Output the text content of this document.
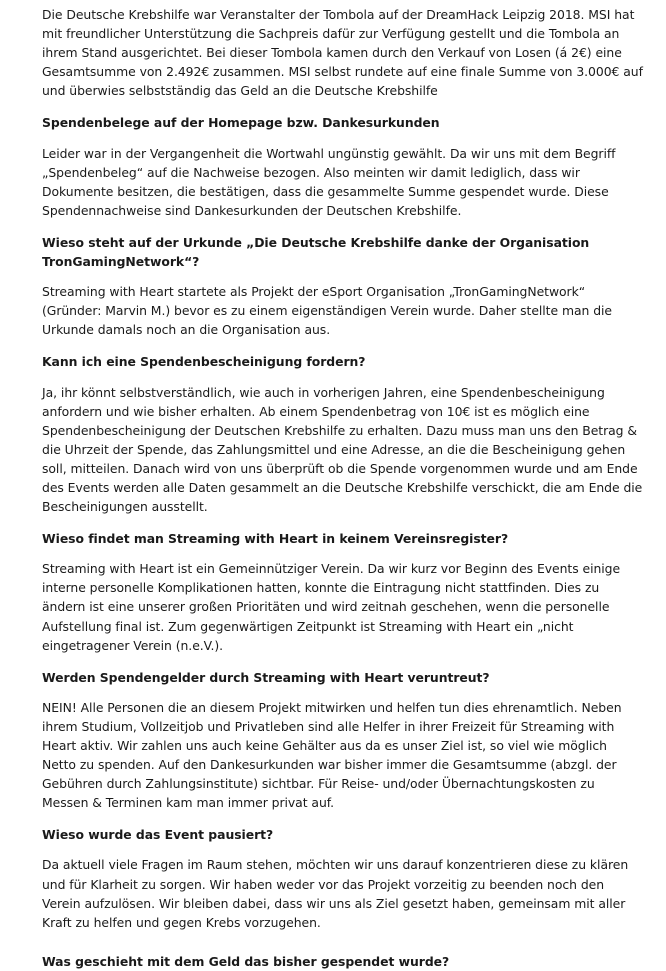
Die Deutsche Krebshilfe war Veranstalter der Tombola auf der DreamHack Leipzig 2018. MSI hat mit freundlicher Unterstützung die Sachpreis dafür zur Verfügung gestellt und die Tombola an ihrem Stand ausgerichtet. Bei dieser Tombola kamen durch den Verkauf von Losen (á 2€) eine Gesamtsumme von 2.492€ zusammen. MSI selbst rundete auf eine finale Summe von 3.000€ auf und überwies selbstständig das Geld an die Deutsche Krebshilfe

Spendenbelege auf der Homepage bzw. Dankesurkunden

Leider war in der Vergangenheit die Wortwahl ungünstig gewählt. Da wir uns mit dem Begriff „Spendenbeleg“ auf die Nachweise bezogen. Also meinten wir damit lediglich, dass wir Dokumente besitzen, die bestätigen, dass die gesammelte Summe gespendet wurde. Diese Spendennachweise sind Dankesurkunden der Deutschen Krebshilfe.

Wieso steht auf der Urkunde „Die Deutsche Krebshilfe danke der Organisation TronGamingNetwork“?

Streaming with Heart startete als Projekt der eSport Organisation „TronGamingNetwork“ (Gründer: Marvin M.) bevor es zu einem eigenständigen Verein wurde. Daher stellte man die Urkunde damals noch an die Organisation aus.

Kann ich eine Spendenbescheinigung fordern?

Ja, ihr könnt selbstverständlich, wie auch in vorherigen Jahren, eine Spendenbescheinigung anfordern und wie bisher erhalten. Ab einem Spendenbetrag von 10€ ist es möglich eine Spendenbescheinigung der Deutschen Krebshilfe zu erhalten. Dazu muss man uns den Betrag & die Uhrzeit der Spende, das Zahlungsmittel und eine Adresse, an die die Bescheinigung gehen soll, mitteilen. Danach wird von uns überprüft ob die Spende vorgenommen wurde und am Ende des Events werden alle Daten gesammelt an die Deutsche Krebshilfe verschickt, die am Ende die Bescheinigungen ausstellt.

Wieso findet man Streaming with Heart in keinem Vereinsregister?

Streaming with Heart ist ein Gemeinnütziger Verein. Da wir kurz vor Beginn des Events einige interne personelle Komplikationen hatten, konnte die Eintragung nicht stattfinden. Dies zu ändern ist eine unserer großen Prioritäten und wird zeitnah geschehen, wenn die personelle Aufstellung final ist. Zum gegenwärtigen Zeitpunkt ist Streaming with Heart ein „nicht eingetragener Verein (n.e.V.).

Werden Spendengelder durch Streaming with Heart veruntreut?

NEIN! Alle Personen die an diesem Projekt mitwirken und helfen tun dies ehrenamtlich. Neben ihrem Studium, Vollzeitjob und Privatleben sind alle Helfer in ihrer Freizeit für Streaming with Heart aktiv. Wir zahlen uns auch keine Gehälter aus da es unser Ziel ist, so viel wie möglich Netto zu spenden. Auf den Dankesurkunden war bisher immer die Gesamtsumme (abzgl. der Gebühren durch Zahlungsinstitute) sichtbar. Für Reise- und/oder Übernachtungskosten zu Messen & Terminen kam man immer privat auf.

Wieso wurde das Event pausiert?

Da aktuell viele Fragen im Raum stehen, möchten wir uns darauf konzentrieren diese zu klären und für Klarheit zu sorgen. Wir haben weder vor das Projekt vorzeitig zu beenden noch den Verein aufzulösen. Wir bleiben dabei, dass wir uns als Ziel gesetzt haben, gemeinsam mit aller Kraft zu helfen und gegen Krebs vorzugehen.

Was geschieht mit dem Geld das bisher gespendet wurde?
